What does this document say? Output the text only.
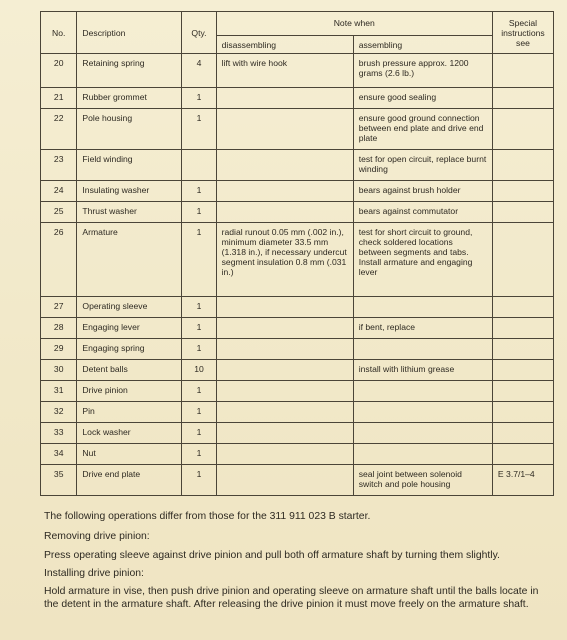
No.	Description	Qty.	Note when		Special
instructions
see

			disassembling	assembling	
20	Retaining spring	4	lift with wire hook	brush pressure approx. 1200 grams (2.6 lb.)	
21	Rubber grommet	1		ensure good sealing	
22	Pole housing	1		ensure good ground connection between end plate and drive end plate	
23	Field winding			test for open circuit, replace burnt winding	
24	Insulating washer	1		bears against brush holder	
25	Thrust washer	1		bears against commutator	
26	Armature	1	radial runout 0.05 mm (.002 in.), minimum diameter 33.5 mm (1.318 in.), if necessary undercut segment insulation 0.8 mm (.031 in.)	test for short circuit to ground, check soldered locations between segments and tabs. Install armature and engaging lever	
27	Operating sleeve	1			
28	Engaging lever	1		if bent, replace	
29	Engaging spring	1			
30	Detent balls	10		install with lithium grease	
31	Drive pinion	1			
32	Pin	1			
33	Lock washer	1			
34	Nut	1			
35	Drive end plate	1		seal joint between solenoid switch and pole housing	E 3.7/1–4

The following operations differ from those for the 311 911 023 B starter.

Removing drive pinion:

Press operating sleeve against drive pinion and pull both off armature shaft by turning them slightly.

Installing drive pinion:

Hold armature in vise, then push drive pinion and operating sleeve on armature shaft until the balls locate in the detent in the armature shaft. After releasing the drive pinion it must move freely on the armature shaft.
